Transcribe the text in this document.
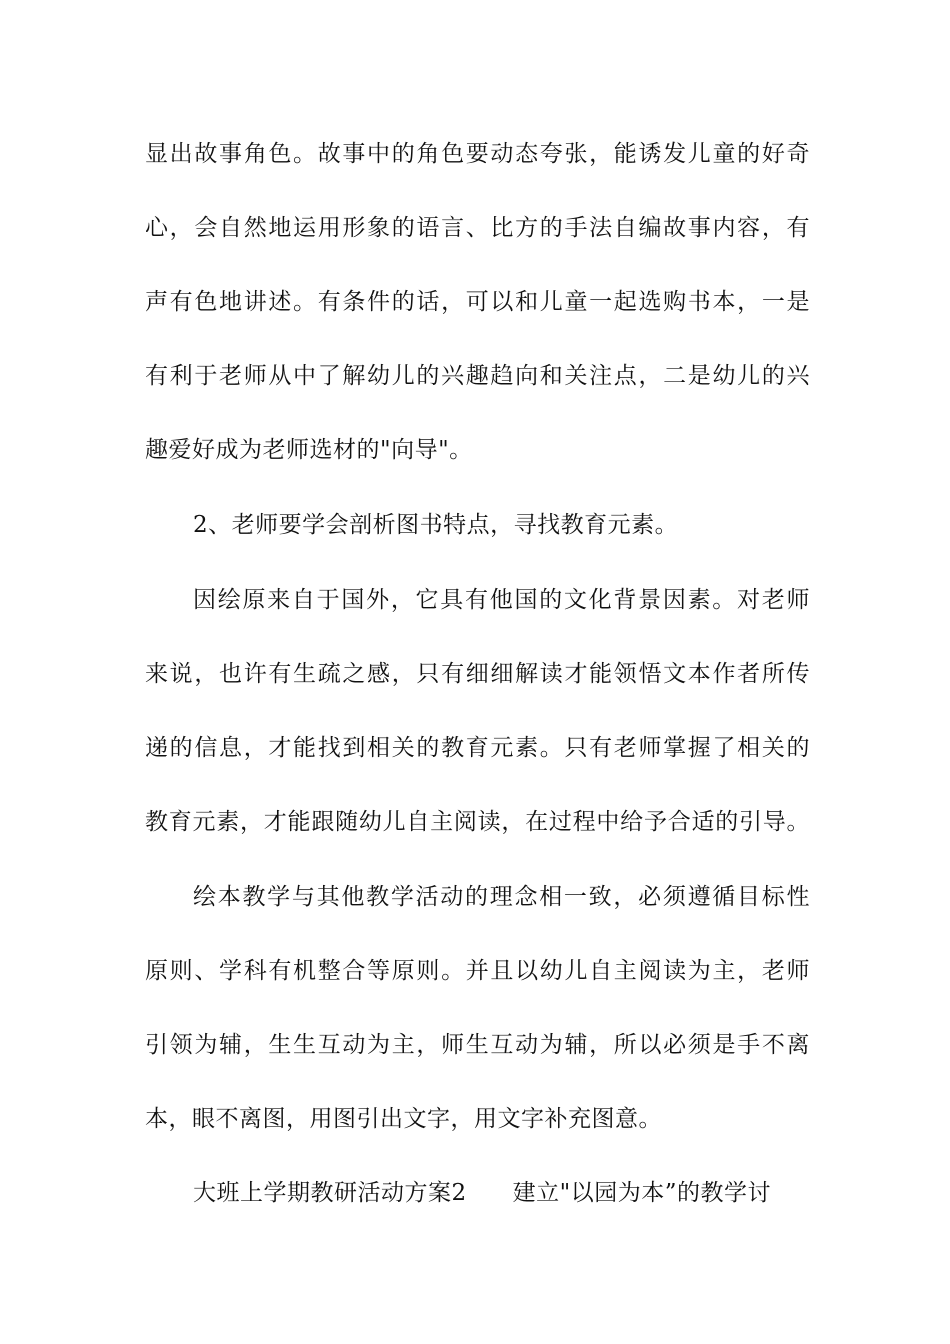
显出故事角色。故事中的角色要动态夸张，能诱发儿童的好奇
心，会自然地运用形象的语言、比方的手法自编故事内容，有
声有色地讲述。有条件的话，可以和儿童一起选购书本，一是
有利于老师从中了解幼儿的兴趣趋向和关注点，二是幼儿的兴
趣爱好成为老师选材的"向导"。
2、老师要学会剖析图书特点，寻找教育元素。
因绘原来自于国外，它具有他国的文化背景因素。对老师
来说，也许有生疏之感，只有细细解读才能领悟文本作者所传
递的信息，才能找到相关的教育元素。只有老师掌握了相关的
教育元素，才能跟随幼儿自主阅读，在过程中给予合适的引导。
绘本教学与其他教学活动的理念相一致，必须遵循目标性
原则、学科有机整合等原则。并且以幼儿自主阅读为主，老师
引领为辅，生生互动为主，师生互动为辅，所以必须是手不离
本，眼不离图，用图引出文字，用文字补充图意。
大班上学期教研活动方案2 建立"以园为本”的教学讨
